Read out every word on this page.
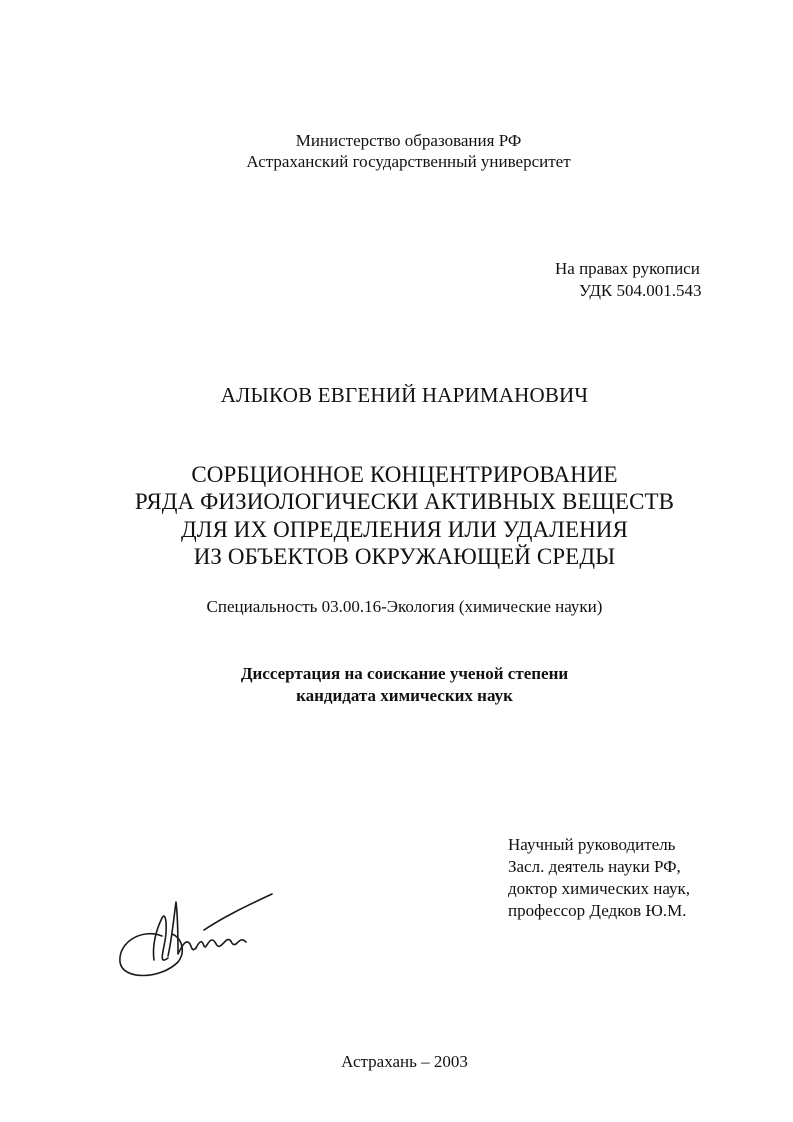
Министерство образования РФ
Астраханский государственный университет
На правах рукописи
УДК 504.001.543
АЛЫКОВ ЕВГЕНИЙ НАРИМАНОВИЧ
СОРБЦИОННОЕ КОНЦЕНТРИРОВАНИЕ
РЯДА ФИЗИОЛОГИЧЕСКИ АКТИВНЫХ ВЕЩЕСТВ
ДЛЯ ИХ ОПРЕДЕЛЕНИЯ ИЛИ УДАЛЕНИЯ
ИЗ ОБЪЕКТОВ ОКРУЖАЮЩЕЙ СРЕДЫ
Специальность 03.00.16-Экология (химические науки)
Диссертация на соискание ученой степени
кандидата химических наук
Научный руководитель
Засл. деятель науки РФ,
доктор химических наук,
профессор Дедков Ю.М.
Астрахань – 2003
